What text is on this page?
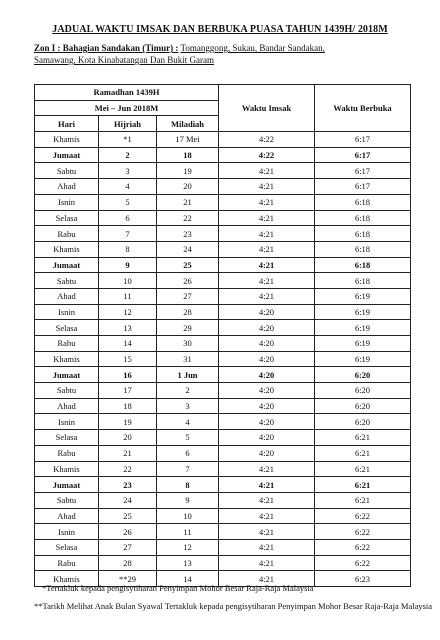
JADUAL WAKTU IMSAK DAN BERBUKA PUASA TAHUN 1439H/ 2018M
Zon I : Bahagian Sandakan (Timur) : Tomanggong, Sukau, Bandar Sandakan,
Samawang, Kota Kinabatangan Dan Bukit Garam
Ramadhan 1439H			Waktu Imsak	Waktu Berbuka
Mei – Jun 2018M				
Hari	Hijriah	Miladiah		
Khamis	*1	17 Mei	4:22	6:17
Jumaat	2	18	4:22	6:17
Sabtu	3	19	4:21	6:17
Ahad	4	20	4:21	6:17
Isnin	5	21	4:21	6:18
Selasa	6	22	4:21	6:18
Rabu	7	23	4:21	6:18
Khamis	8	24	4:21	6:18
Jumaat	9	25	4:21	6:18
Sabtu	10	26	4:21	6:18
Ahad	11	27	4:21	6:19
Isnin	12	28	4:20	6:19
Selasa	13	29	4:20	6:19
Rabu	14	30	4:20	6:19
Khamis	15	31	4:20	6:19
Jumaat	16	1 Jun	4:20	6:20
Sabtu	17	2	4:20	6:20
Ahad	18	3	4:20	6:20
Isnin	19	4	4:20	6:20
Selasa	20	5	4:20	6:21
Rabu	21	6	4:20	6:21
Khamis	22	7	4:21	6:21
Jumaat	23	8	4:21	6:21
Sabtu	24	9	4:21	6:21
Ahad	25	10	4:21	6:22
Isnin	26	11	4:21	6:22
Selasa	27	12	4:21	6:22
Rabu	28	13	4:21	6:22
Khamis	**29	14	4:21	6:23
*Tertakluk kepada pengisytiharan Penyimpan Mohor Besar Raja-Raja Malaysia
**Tarikh Melihat Anak Bulan Syawal Tertakluk kepada pengisytiharan Penyimpan Mohor Besar Raja-Raja Malaysia
